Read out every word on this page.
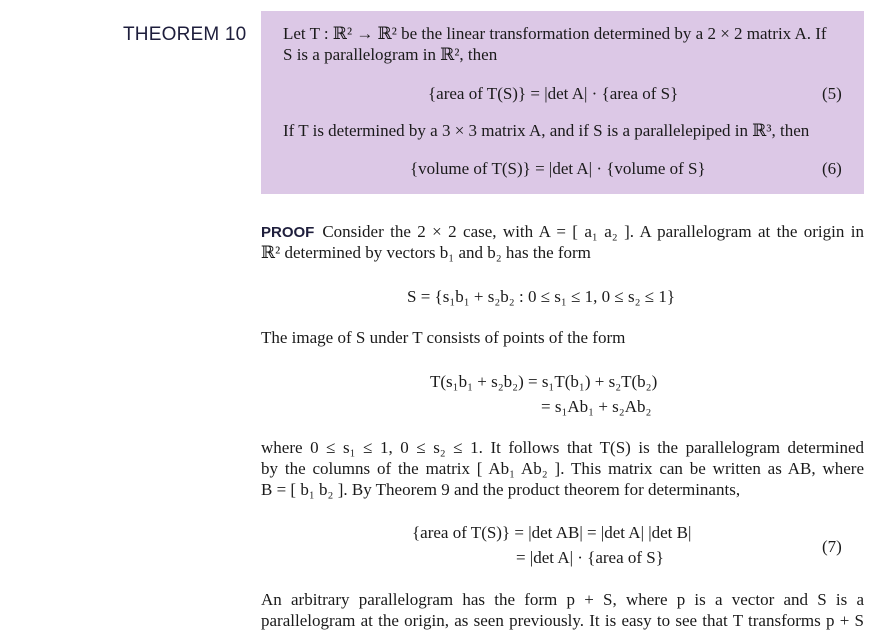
THEOREM 10 Let T : ℝ² → ℝ² be the linear transformation determined by a 2 × 2 matrix A. If
S is a parallelogram in ℝ², then
{area of T(S)} = |det A| · {area of S}	(5)
If T is determined by a 3 × 3 matrix A, and if S is a parallelepiped in ℝ³, then
{volume of T(S)} = |det A| · {volume of S}	(6)
PROOF Consider the 2 × 2 case, with A = [ a₁ a₂ ]. A parallelogram at the origin in
ℝ² determined by vectors b₁ and b₂ has the form
S = {s₁b₁ + s₂b₂ : 0 ≤ s₁ ≤ 1, 0 ≤ s₂ ≤ 1}
The image of S under T consists of points of the form
T(s₁b₁ + s₂b₂) = s₁T(b₁) + s₂T(b₂)
= s₁Ab₁ + s₂Ab₂
where 0 ≤ s₁ ≤ 1, 0 ≤ s₂ ≤ 1. It follows that T(S) is the parallelogram determined
by the columns of the matrix [ Ab₁ Ab₂ ]. This matrix can be written as AB, where
B = [ b₁ b₂ ]. By Theorem 9 and the product theorem for determinants,
{area of T(S)} = |det AB| = |det A| |det B|
= |det A| · {area of S}
(7)
An arbitrary parallelogram has the form p + S, where p is a vector and S is a
parallelogram at the origin, as seen previously. It is easy to see that T transforms p + S
